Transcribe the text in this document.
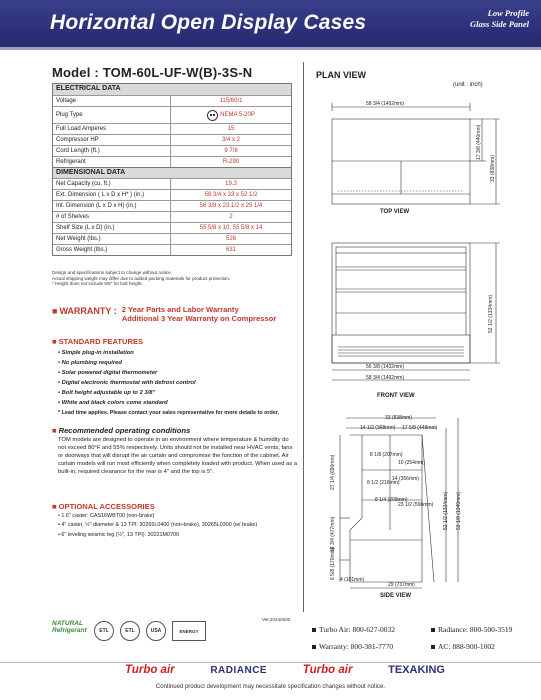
Horizontal Open Display Cases	Low Profile
Glass Side Panel
Model : TOM-60L-UF-W(B)-3S-N
ELECTRICAL DATA
Voltage	115/60/1
Plug Type	NEMA 5-20P
Full Load Amperes	15
Compressor HP	3/4 x 2
Cord Length (ft.)	9 7/8
Refrigerant	R-290
DIMENSIONAL DATA
Net Capacity (cu. ft.)	19.3
Ext. Dimension ( L x D x H* ) (in.)	58 3/4 x 33 x 52 1/2
Int. Dimension (L x D x H) (in.)	56 3/8 x 23 1/2 x 25 1/4
# of Shelves	2
Shelf Size (L x D) (in.)	55 5/8 x 10, 55 5/8 x 14
Net Weight (lbs.)	526
Gross Weight (lbs.)	631
Design and specifications subject to change without notice.
Actual shipping weight may differ due to added packing materials for product protection.
* Height does not include 5/8" for bolt height.
■ WARRANTY : 2 Year Parts and Labor Warranty
Additional 3 Year Warranty on Compressor
■ STANDARD FEATURES
• Simple plug-in installation
• No plumbing required
• Solar powered digital thermometer
• Digital electronic thermostat with defrost control
• Bolt height adjustable up to 2 3/8"
• White and black colors come standard
* Lead time applies. Please contact your sales representative for more details to order.
■ Recommended operating conditions
TOM models are designed to operate in an environment where temperature & humidity do not exceed 80°F and 55% respectively. Units should not be installed near HVAC vents, fans or doorways that will disrupt the air curtain and compromise the function of the cabinet. Air curtain models will run most efficiently when completely loaded with product. When used as a built-in, required clearance for the rear is 4" and the top is 5".
■ OPTIONAL ACCESSORIES
• 1.6" caster: CAS16WBT00 (non-brake)
• 4" caster, ½" diameter & 13 TPI: 30265L0400 (non-brake), 30265L0300 (w/ brake)
• 6" leveling seismic leg (½", 13 TPI): 30221M0700
Ver.20240530
NATURAL Refrigerant	ETL	ETL	USA	ENERGY
PLAN VIEW
(unit : inch)
58 3/4 (1492mm)
17 3/8 (440mm)
33 (838mm)
TOP VIEW
52 1/2 (1334mm)
56 3/8 (1432mm)
58 3/4 (1492mm)
FRONT VIEW
33 (838mm)
14 1/2 (368mm) 17 5/8 (449mm)
8 1/8 (207mm)
10 (254mm)
8 1/2 (216mm)
14 (356mm)
8 1/4 (209mm)
23 1/2 (596mm)
27 1/4 (690mm)
18 3/4 (477mm)
6 5/8 (170mm) 4 (101mm)
29 (737mm)
52 1/2 (1334mm) 53 1/8 (1349mm)
SIDE VIEW
Turbo Air: 800-627-0032	Radiance: 800-500-3519
Warranty: 800-381-7770	AC: 888-900-1002
Turbo air	RADIANCE	Turbo air	TEXAKING
Continued product development may necessitate specification changes without notice.
